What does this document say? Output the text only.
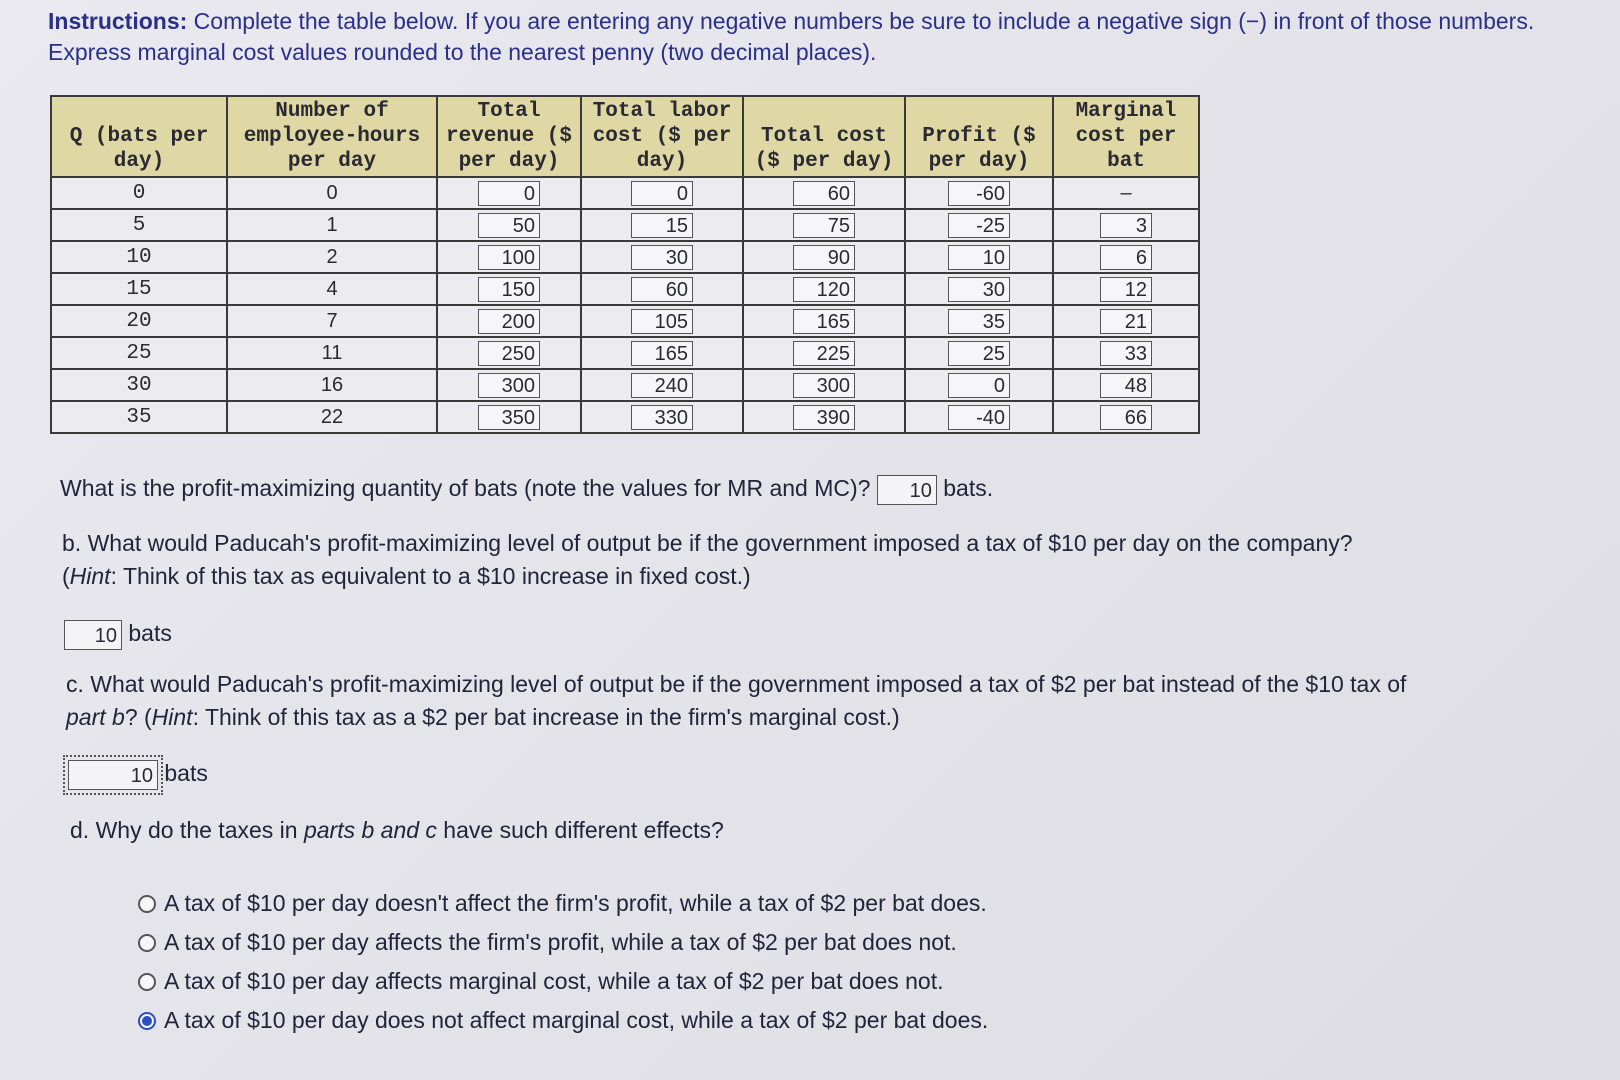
Instructions: Complete the table below. If you are entering any negative numbers be sure to include a negative sign (−) in front of those numbers. Express marginal cost values rounded to the nearest penny (two decimal places).
Q (bats per day)	Number of employee-hours per day	Total revenue ($ per day)	Total labor cost ($ per day)	Total cost ($ per day)	Profit ($ per day)	Marginal cost per bat
0	0	0	0	60	-60	–
5	1	50	15	75	-25	3
10	2	100	30	90	10	6
15	4	150	60	120	30	12
20	7	200	105	165	35	21
25	11	250	165	225	25	33
30	16	300	240	300	0	48
35	22	350	330	390	-40	66
What is the profit-maximizing quantity of bats (note the values for MR and MC)? 10 bats.
b. What would Paducah's profit-maximizing level of output be if the government imposed a tax of $10 per day on the company?
(Hint: Think of this tax as equivalent to a $10 increase in fixed cost.)
10 bats
c. What would Paducah's profit-maximizing level of output be if the government imposed a tax of $2 per bat instead of the $10 tax of
part b? (Hint: Think of this tax as a $2 per bat increase in the firm's marginal cost.)
10 bats
d. Why do the taxes in parts b and c have such different effects?
A tax of $10 per day doesn't affect the firm's profit, while a tax of $2 per bat does.
A tax of $10 per day affects the firm's profit, while a tax of $2 per bat does not.
A tax of $10 per day affects marginal cost, while a tax of $2 per bat does not.
A tax of $10 per day does not affect marginal cost, while a tax of $2 per bat does.
